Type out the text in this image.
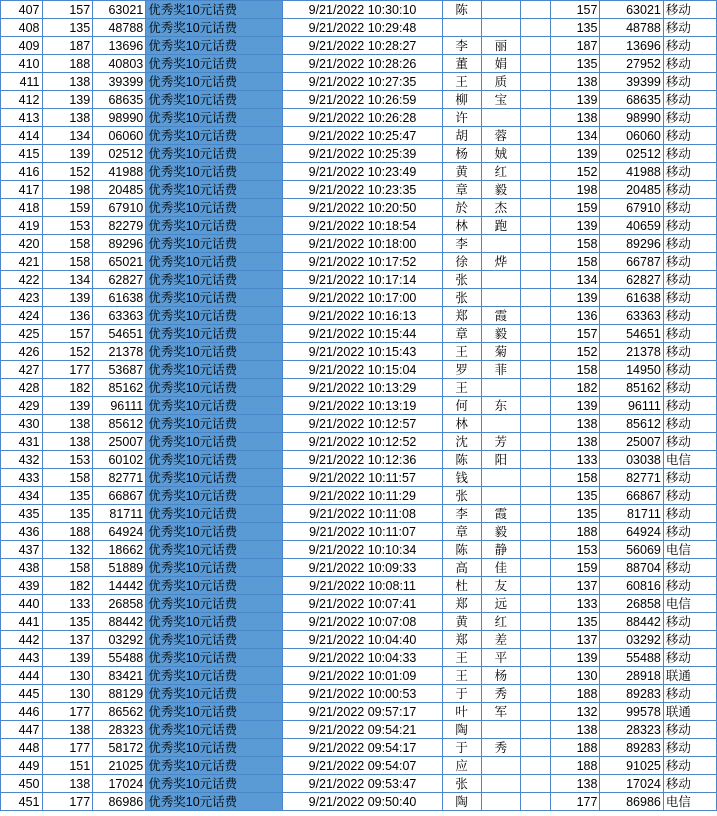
407	157	63021	优秀奖10元话费	9/21/2022 10:30:10	陈			157	63021	移动
408	135	48788	优秀奖10元话费	9/21/2022 10:29:48				135	48788	移动
409	187	13696	优秀奖10元话费	9/21/2022 10:28:27	李	丽		187	13696	移动
410	188	40803	优秀奖10元话费	9/21/2022 10:28:26	董	娟		135	27952	移动
411	138	39399	优秀奖10元话费	9/21/2022 10:27:35	王	质		138	39399	移动
412	139	68635	优秀奖10元话费	9/21/2022 10:26:59	柳	宝		139	68635	移动
413	138	98990	优秀奖10元话费	9/21/2022 10:26:28	许			138	98990	移动
414	134	06060	优秀奖10元话费	9/21/2022 10:25:47	胡	蓉		134	06060	移动
415	139	02512	优秀奖10元话费	9/21/2022 10:25:39	杨	娀		139	02512	移动
416	152	41988	优秀奖10元话费	9/21/2022 10:23:49	黄	红		152	41988	移动
417	198	20485	优秀奖10元话费	9/21/2022 10:23:35	章	毅		198	20485	移动
418	159	67910	优秀奖10元话费	9/21/2022 10:20:50	於	杰		159	67910	移动
419	153	82279	优秀奖10元话费	9/21/2022 10:18:54	林	跑		139	40659	移动
420	158	89296	优秀奖10元话费	9/21/2022 10:18:00	李			158	89296	移动
421	158	65021	优秀奖10元话费	9/21/2022 10:17:52	徐	烨		158	66787	移动
422	134	62827	优秀奖10元话费	9/21/2022 10:17:14	张			134	62827	移动
423	139	61638	优秀奖10元话费	9/21/2022 10:17:00	张			139	61638	移动
424	136	63363	优秀奖10元话费	9/21/2022 10:16:13	郑	霞		136	63363	移动
425	157	54651	优秀奖10元话费	9/21/2022 10:15:44	章	毅		157	54651	移动
426	152	21378	优秀奖10元话费	9/21/2022 10:15:43	王	菊		152	21378	移动
427	177	53687	优秀奖10元话费	9/21/2022 10:15:04	罗	菲		158	14950	移动
428	182	85162	优秀奖10元话费	9/21/2022 10:13:29	王			182	85162	移动
429	139	96111	优秀奖10元话费	9/21/2022 10:13:19	何	东		139	96111	移动
430	138	85612	优秀奖10元话费	9/21/2022 10:12:57	林			138	85612	移动
431	138	25007	优秀奖10元话费	9/21/2022 10:12:52	沈	芳		138	25007	移动
432	153	60102	优秀奖10元话费	9/21/2022 10:12:36	陈	阳		133	03038	电信
433	158	82771	优秀奖10元话费	9/21/2022 10:11:57	钱			158	82771	移动
434	135	66867	优秀奖10元话费	9/21/2022 10:11:29	张			135	66867	移动
435	135	81711	优秀奖10元话费	9/21/2022 10:11:08	李	霞		135	81711	移动
436	188	64924	优秀奖10元话费	9/21/2022 10:11:07	章	毅		188	64924	移动
437	132	18662	优秀奖10元话费	9/21/2022 10:10:34	陈	静		153	56069	电信
438	158	51889	优秀奖10元话费	9/21/2022 10:09:33	高	佳		159	88704	移动
439	182	14442	优秀奖10元话费	9/21/2022 10:08:11	杜	友		137	60816	移动
440	133	26858	优秀奖10元话费	9/21/2022 10:07:41	郑	远		133	26858	电信
441	135	88442	优秀奖10元话费	9/21/2022 10:07:08	黄	红		135	88442	移动
442	137	03292	优秀奖10元话费	9/21/2022 10:04:40	郑	差		137	03292	移动
443	139	55488	优秀奖10元话费	9/21/2022 10:04:33	王	平		139	55488	移动
444	130	83421	优秀奖10元话费	9/21/2022 10:01:09	王	杨		130	28918	联通
445	130	88129	优秀奖10元话费	9/21/2022 10:00:53	于	秀		188	89283	移动
446	177	86562	优秀奖10元话费	9/21/2022 09:57:17	叶	军		132	99578	联通
447	138	28323	优秀奖10元话费	9/21/2022 09:54:21	陶			138	28323	移动
448	177	58172	优秀奖10元话费	9/21/2022 09:54:17	于	秀		188	89283	移动
449	151	21025	优秀奖10元话费	9/21/2022 09:54:07	应			188	91025	移动
450	138	17024	优秀奖10元话费	9/21/2022 09:53:47	张			138	17024	移动
451	177	86986	优秀奖10元话费	9/21/2022 09:50:40	陶			177	86986	电信
